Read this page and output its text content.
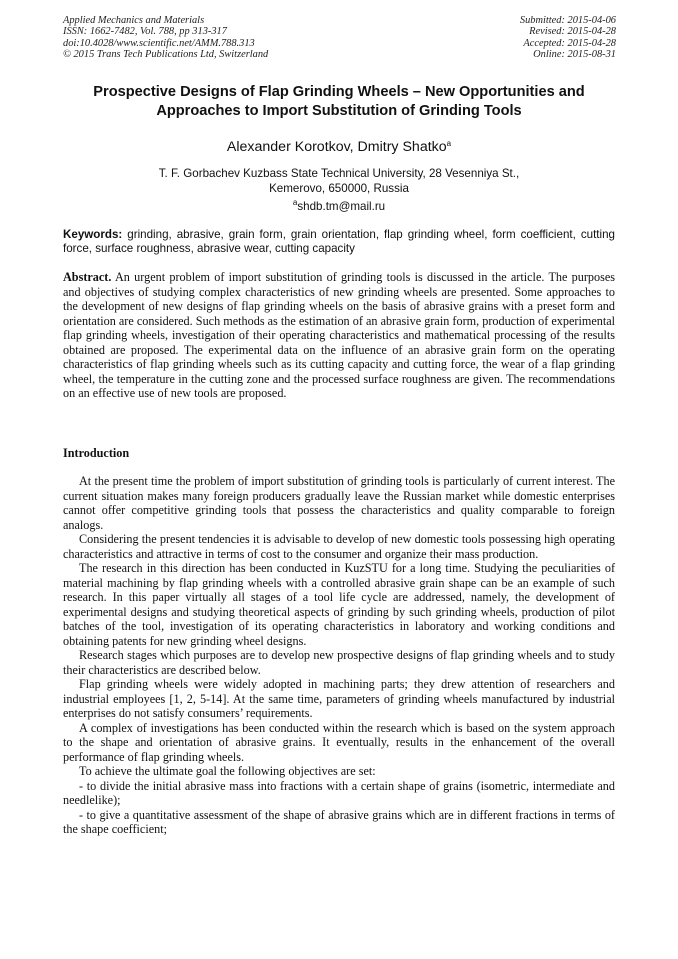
Applied Mechanics and Materials
ISSN: 1662-7482, Vol. 788, pp 313-317
doi:10.4028/www.scientific.net/AMM.788.313
© 2015 Trans Tech Publications Ltd, Switzerland
Submitted: 2015-04-06
Revised: 2015-04-28
Accepted: 2015-04-28
Online: 2015-08-31
Prospective Designs of Flap Grinding Wheels – New Opportunities and
Approaches to Import Substitution of Grinding Tools
Alexander Korotkov, Dmitry Shatko$^a$
T. F. Gorbachev Kuzbass State Technical University, 28 Vesenniya St.,
Kemerovo, 650000, Russia
$^a$shdb.tm@mail.ru
Keywords: grinding, abrasive, grain form, grain orientation, flap grinding wheel, form coefficient, cutting force, surface roughness, abrasive wear, cutting capacity
Abstract. An urgent problem of import substitution of grinding tools is discussed in the article. The purposes and objectives of studying complex characteristics of new grinding wheels are presented. Some approaches to the development of new designs of flap grinding wheels on the basis of abrasive grains with a preset form and orientation are considered. Such methods as the estimation of an abrasive grain form, production of experimental flap grinding wheels, investigation of their operating characteristics and mathematical processing of the results obtained are proposed. The experimental data on the influence of an abrasive grain form on the operating characteristics of flap grinding wheels such as its cutting capacity and cutting force, the wear of a flap grinding wheel, the temperature in the cutting zone and the processed surface roughness are given. The recommendations on an effective use of new tools are proposed.
Introduction

At the present time the problem of import substitution of grinding tools is particularly of current interest. The current situation makes many foreign producers gradually leave the Russian market while domestic enterprises cannot offer competitive grinding tools that possess the characteristics and quality comparable to foreign analogs.

Considering the present tendencies it is advisable to develop of new domestic tools possessing high operating characteristics and attractive in terms of cost to the consumer and organize their mass production.

The research in this direction has been conducted in KuzSTU for a long time. Studying the peculiarities of material machining by flap grinding wheels with a controlled abrasive grain shape can be an example of such research. In this paper virtually all stages of a tool life cycle are addressed, namely, the development of experimental designs and studying theoretical aspects of grinding by such grinding wheels, production of pilot batches of the tool, investigation of its operating characteristics in laboratory and working conditions and obtaining patents for new grinding wheel designs.

Research stages which purposes are to develop new prospective designs of flap grinding wheels and to study their characteristics are described below.

Flap grinding wheels were widely adopted in machining parts; they drew attention of researchers and industrial employees [1, 2, 5-14]. At the same time, parameters of grinding wheels manufactured by industrial enterprises do not satisfy consumers’ requirements.

A complex of investigations has been conducted within the research which is based on the system approach to the shape and orientation of abrasive grains. It eventually, results in the enhancement of the overall performance of flap grinding wheels.

To achieve the ultimate goal the following objectives are set:

- to divide the initial abrasive mass into fractions with a certain shape of grains (isometric, intermediate and needlelike);

- to give a quantitative assessment of the shape of abrasive grains which are in different fractions in terms of the shape coefficient;
